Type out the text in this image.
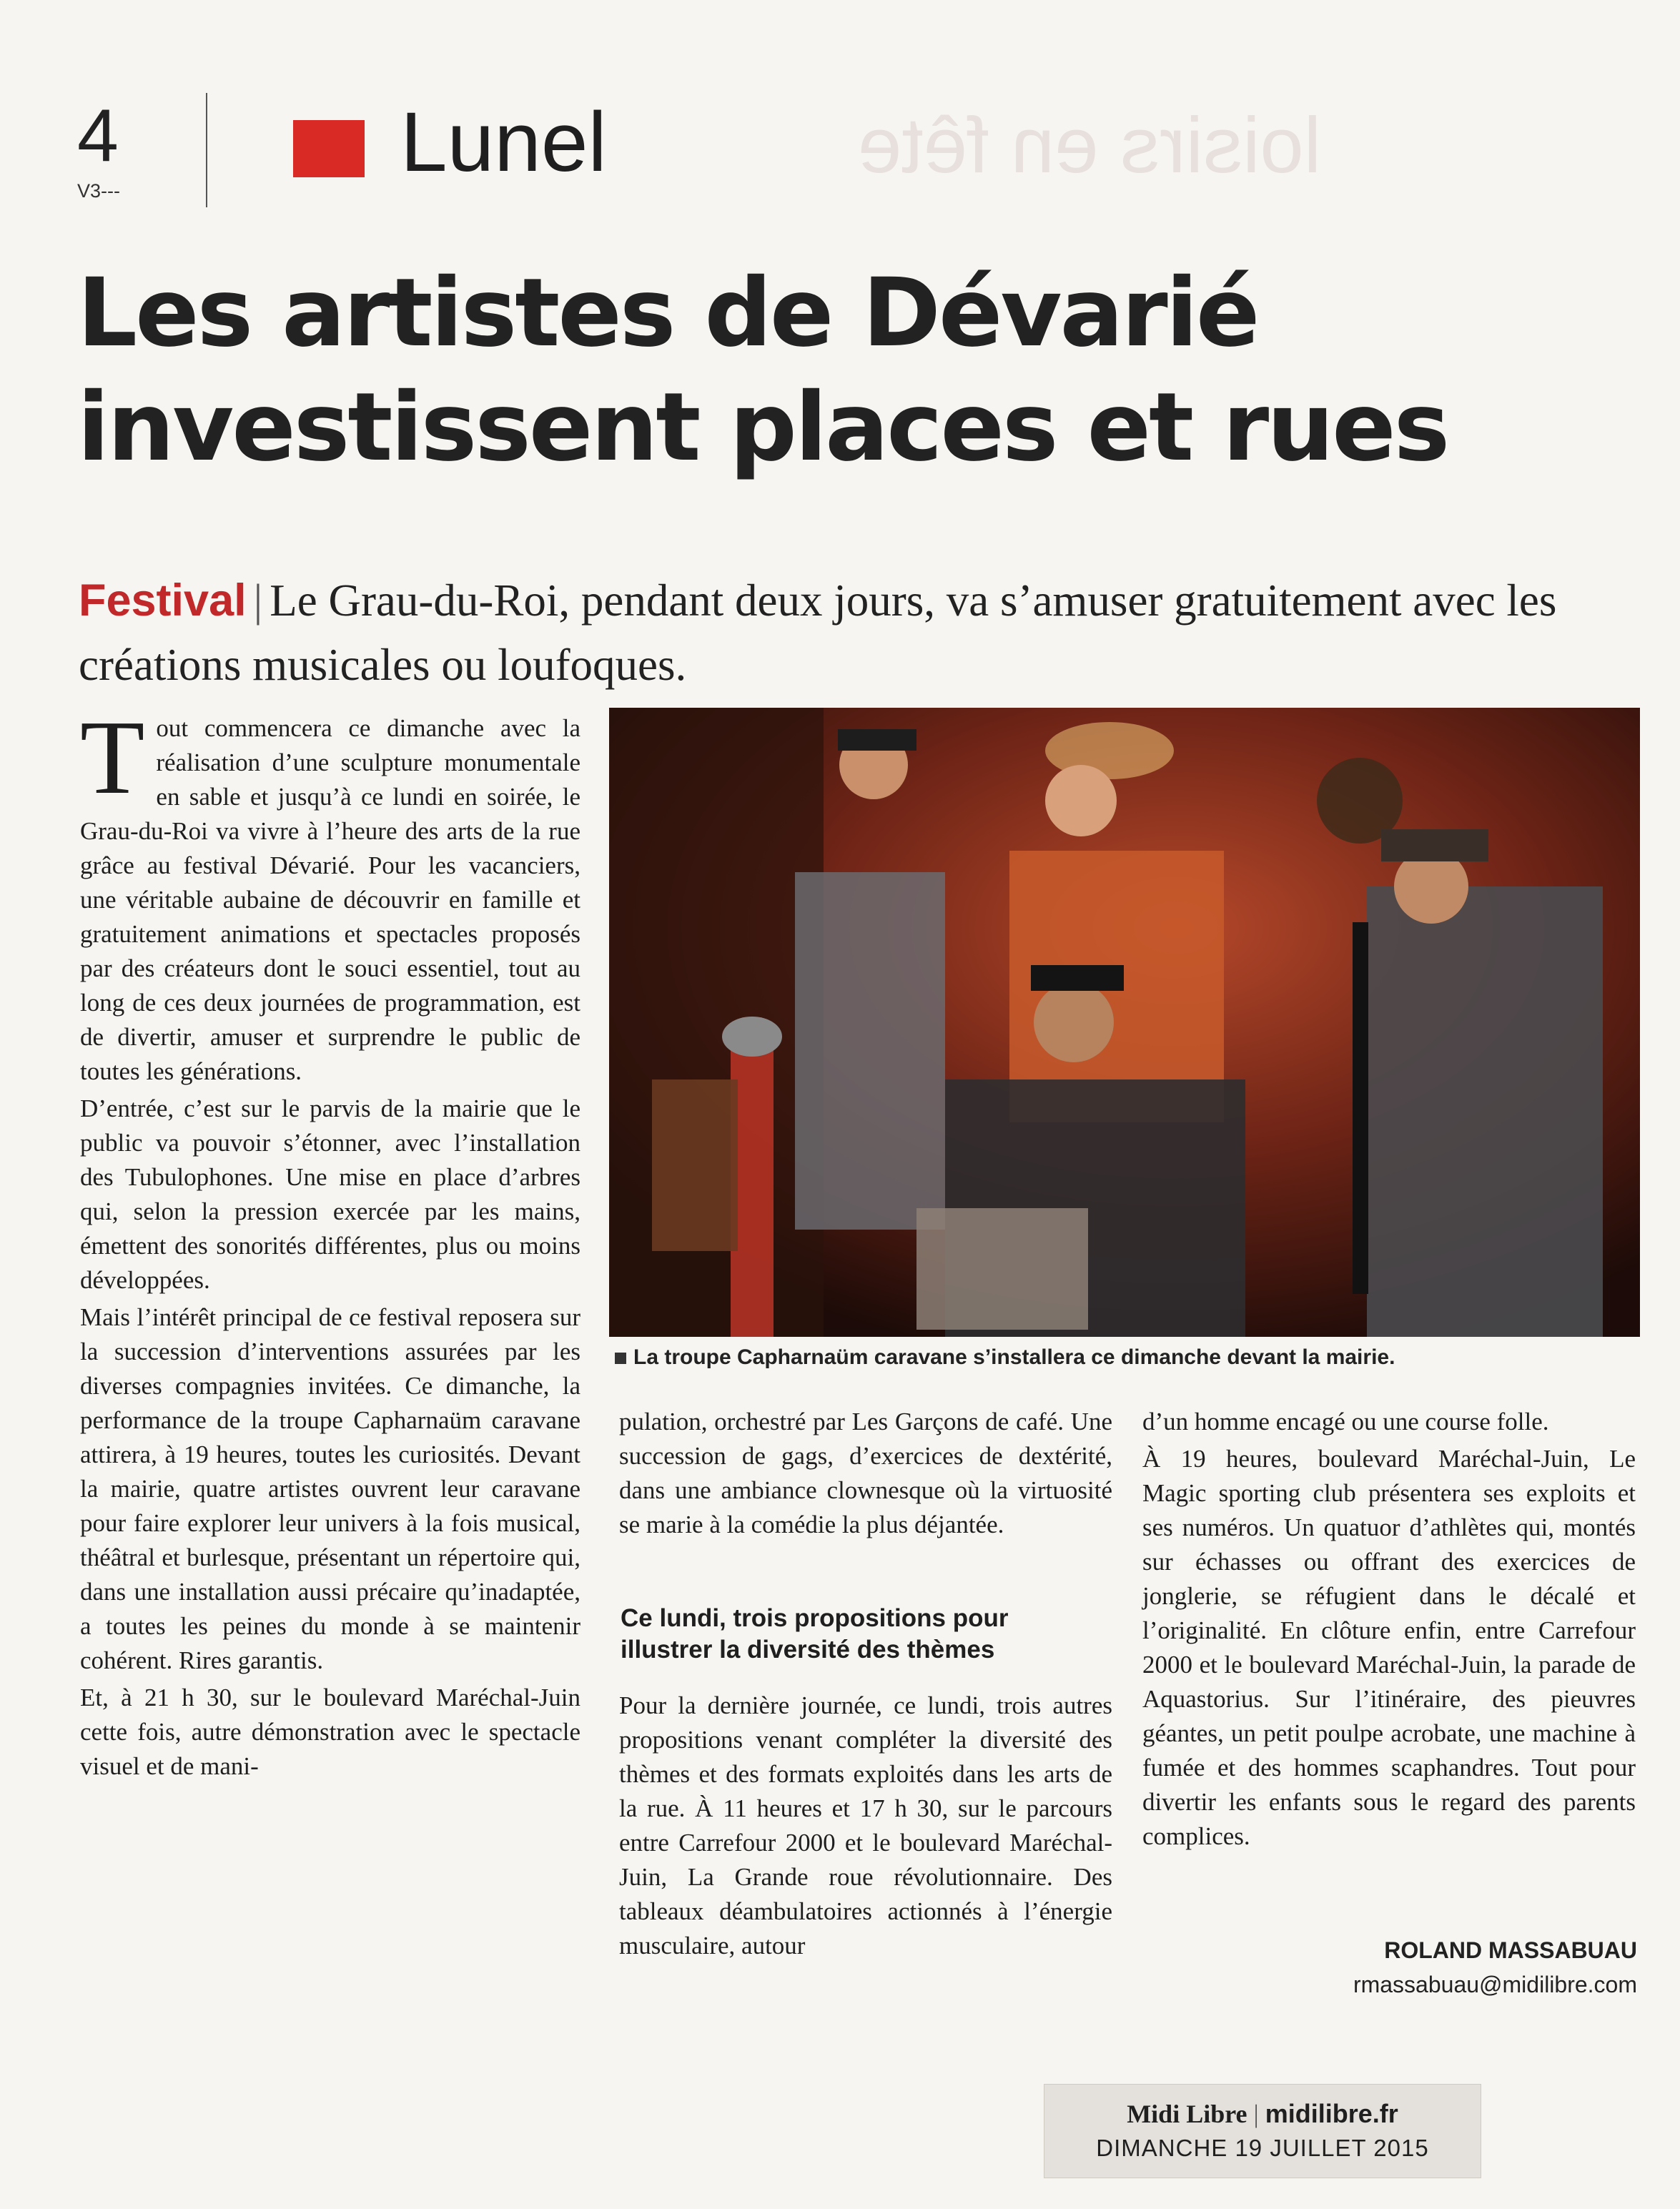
4
V3---
Lunel	loisirs en fête
Les artistes de Dévarié
investissent places et rues
Festival | Le Grau-du-Roi, pendant deux jours, va s’amuser gratuitement avec les créations musicales ou loufoques.

Tout commencera ce dimanche avec la réalisation d’une sculpture monumentale en sable et jusqu’à ce lundi en soirée, le Grau-du-Roi va vivre à l’heure des arts de la rue grâce au festival Dévarié. Pour les vacanciers, une véritable aubaine de découvrir en famille et gratuitement animations et spectacles proposés par des créateurs dont le souci essentiel, tout au long de ces deux journées de programmation, est de divertir, amuser et surprendre le public de toutes les générations.

D’entrée, c’est sur le parvis de la mairie que le public va pouvoir s’étonner, avec l’installation des Tubulophones. Une mise en place d’arbres qui, selon la pression exercée par les mains, émettent des sonorités différentes, plus ou moins développées.

Mais l’intérêt principal de ce festival reposera sur la succession d’interventions assurées par les diverses compagnies invitées. Ce dimanche, la performance de la troupe Capharnaüm caravane attirera, à 19 heures, toutes les curiosités. Devant la mairie, quatre artistes ouvrent leur caravane pour faire explorer leur univers à la fois musical, théâtral et burlesque, présentant un répertoire qui, dans une installation aussi précaire qu’inadaptée, a toutes les peines du monde à se maintenir cohérent. Rires garantis.

Et, à 21 h 30, sur le boulevard Maréchal-Juin cette fois, autre démonstration avec le spectacle visuel et de mani-

La troupe Capharnaüm caravane s’installera ce dimanche devant la mairie.

pulation, orchestré par Les Garçons de café. Une succession de gags, d’exercices de dextérité, dans une ambiance clownesque où la virtuosité se marie à la comédie la plus déjantée.

Ce lundi, trois propositions pour illustrer la diversité des thèmes

Pour la dernière journée, ce lundi, trois autres propositions venant compléter la diversité des thèmes et des formats exploités dans les arts de la rue. À 11 heures et 17 h 30, sur le parcours entre Carrefour 2000 et le boulevard Maréchal-Juin, La Grande roue révolutionnaire. Des tableaux déambulatoires actionnés à l’énergie musculaire, autour

d’un homme encagé ou une course folle.

À 19 heures, boulevard Maréchal-Juin, Le Magic sporting club présentera ses exploits et ses numéros. Un quatuor d’athlètes qui, montés sur échasses ou offrant des exercices de jonglerie, se réfugient dans le décalé et l’originalité. En clôture enfin, entre Carrefour 2000 et le boulevard Maréchal-Juin, la parade de Aquastorius. Sur l’itinéraire, des pieuvres géantes, un petit poulpe acrobate, une machine à fumée et des hommes scaphandres. Tout pour divertir les enfants sous le regard des parents complices.

ROLAND MASSABUAU
rmassabuau@midilibre.com
Midi Libre | midilibre.fr
DIMANCHE 19 JUILLET 2015
